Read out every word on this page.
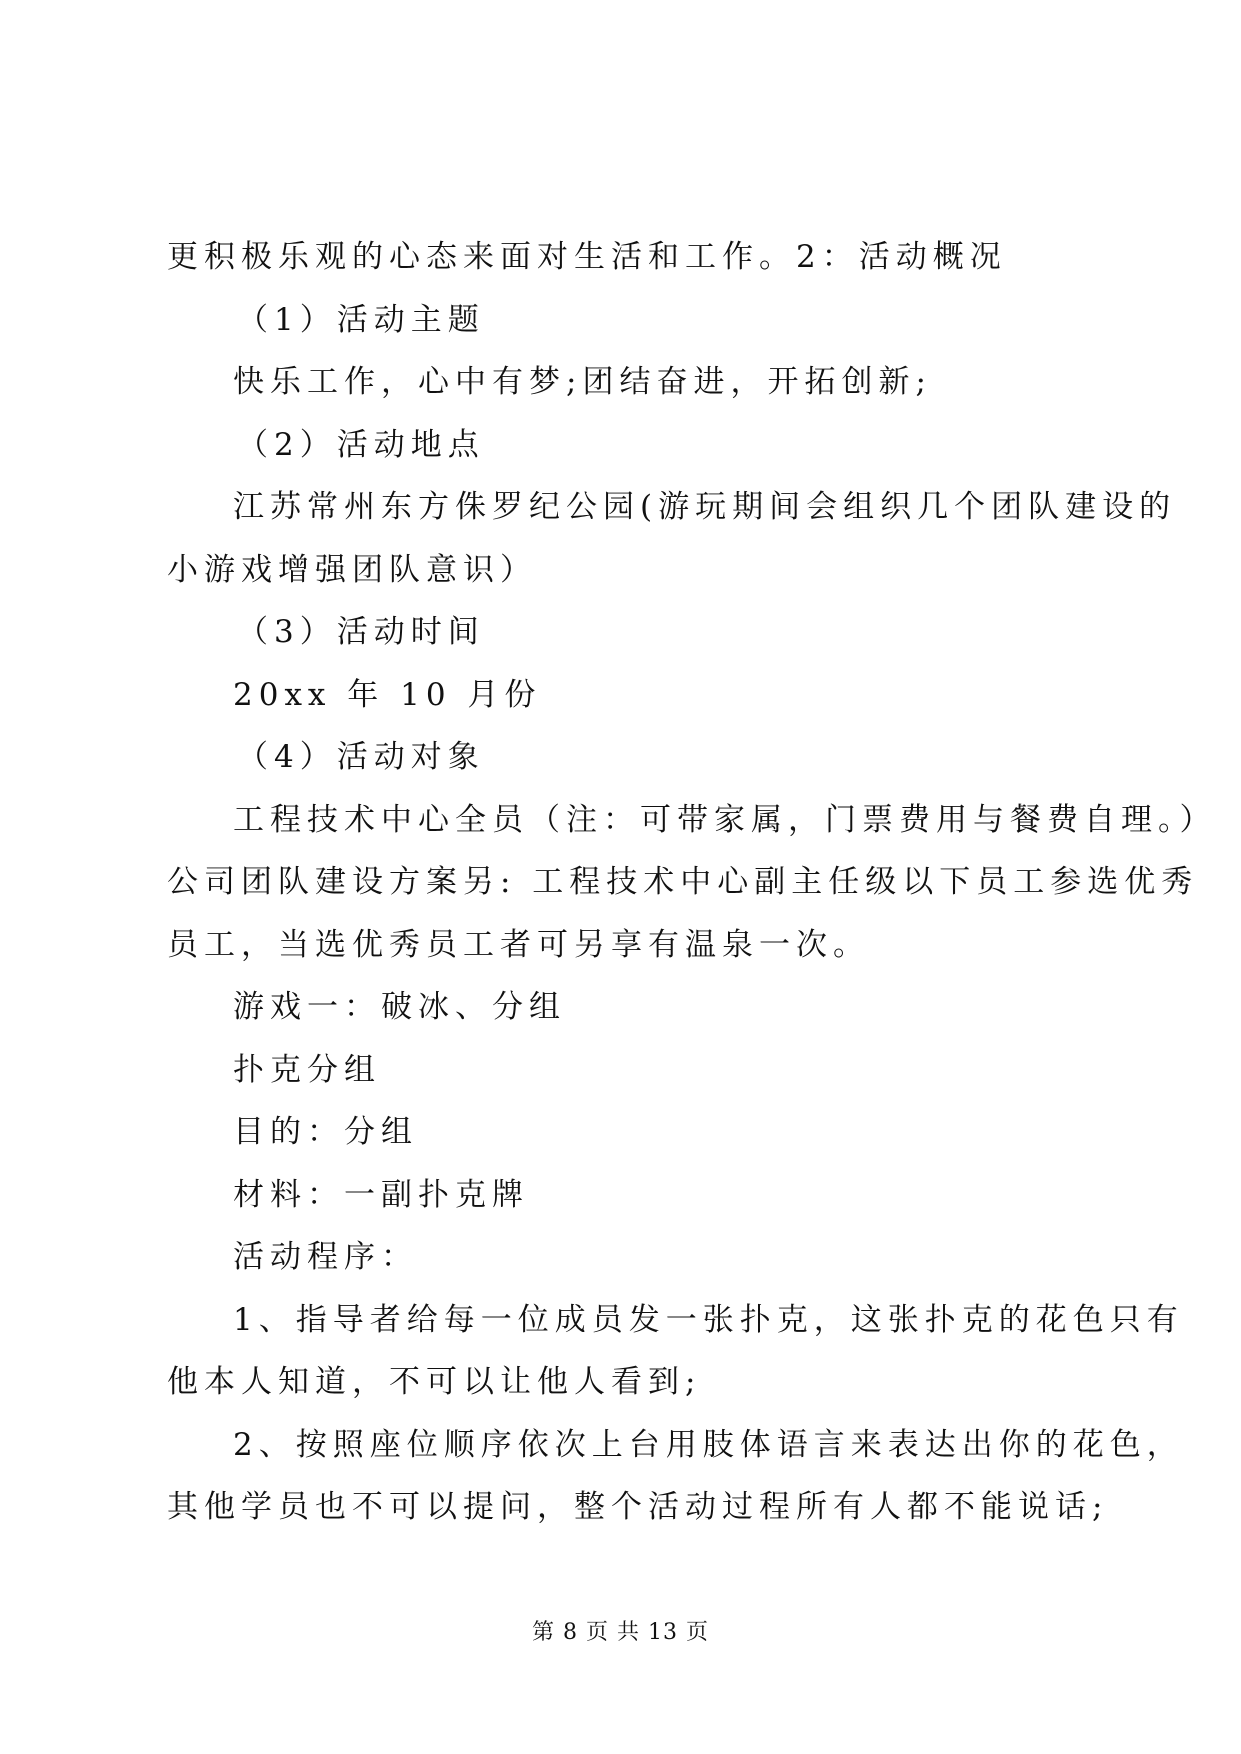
更积极乐观的心态来面对生活和工作。2：活动概况
（1）活动主题
快乐工作，心中有梦;团结奋进，开拓创新;
（2）活动地点
江苏常州东方侏罗纪公园(游玩期间会组织几个团队建设的
小游戏增强团队意识）
（3）活动时间
20xx 年 10 月份
（4）活动对象
工程技术中心全员（注：可带家属，门票费用与餐费自理。）
公司团队建设方案另: 工程技术中心副主任级以下员工参选优秀
员工，当选优秀员工者可另享有温泉一次。
游戏一：破冰、分组
扑克分组
目的：分组
材料：一副扑克牌
活动程序：
1、指导者给每一位成员发一张扑克，这张扑克的花色只有
他本人知道，不可以让他人看到;
2、按照座位顺序依次上台用肢体语言来表达出你的花色，
其他学员也不可以提问，整个活动过程所有人都不能说话;
第 8 页 共 13 页
